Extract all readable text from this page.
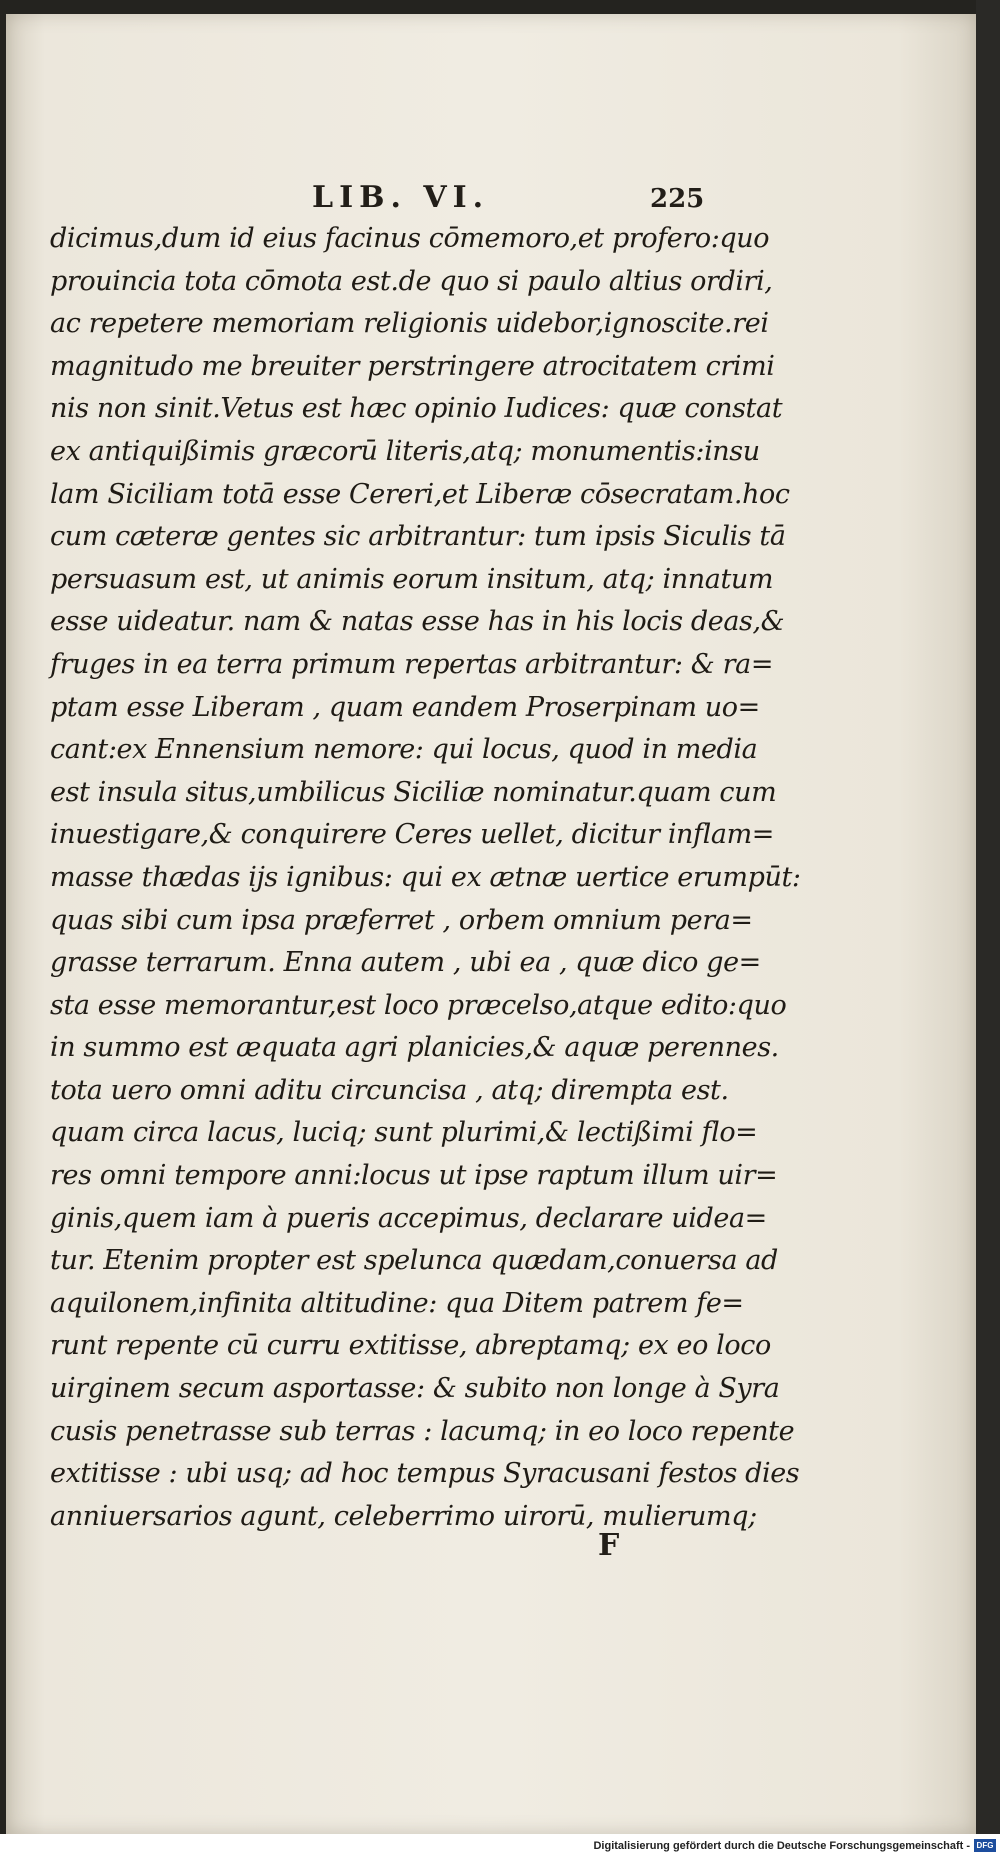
LIB. VI.	225
dicimus,dum id eius facinus cōmemoro,et profero:quo
prouincia tota cōmota est.de quo si paulo altius ordiri,
ac repetere memoriam religionis uidebor,ignoscite.rei
magnitudo me breuiter perstringere atrocitatem crimi
nis non sinit.Vetus est hæc opinio Iudices: quæ constat
ex antiquißimis græcorū literis,atq; monumentis:insu
lam Siciliam totā esse Cereri,et Liberæ cōsecratam.hoc
cum cæteræ gentes sic arbitrantur: tum ipsis Siculis tā
persuasum est, ut animis eorum insitum, atq; innatum
esse uideatur. nam & natas esse has in his locis deas,&
fruges in ea terra primum repertas arbitrantur: & ra=
ptam esse Liberam , quam eandem Proserpinam uo=
cant:ex Ennensium nemore: qui locus, quod in media
est insula situs,umbilicus Siciliæ nominatur.quam cum
inuestigare,& conquirere Ceres uellet, dicitur inflam=
masse thædas ijs ignibus: qui ex ætnæ uertice erumpūt:
quas sibi cum ipsa præferret , orbem omnium pera=
grasse terrarum. Enna autem , ubi ea , quæ dico ge=
sta esse memorantur,est loco præcelso,atque edito:quo
in summo est æquata agri planicies,& aquæ perennes.
tota uero omni aditu circuncisa , atq; dirempta est.
quam circa lacus, luciq; sunt plurimi,& lectißimi flo=
res omni tempore anni:locus ut ipse raptum illum uir=
ginis,quem iam à pueris accepimus, declarare uidea=
tur. Etenim propter est spelunca quædam,conuersa ad
aquilonem,infinita altitudine: qua Ditem patrem fe=
runt repente cū curru extitisse, abreptamq; ex eo loco
uirginem secum asportasse: & subito non longe à Syra
cusis penetrasse sub terras : lacumq; in eo loco repente
extitisse : ubi usq; ad hoc tempus Syracusani festos dies
anniuersarios agunt, celeberrimo uirorū, mulierumq;
F
Digitalisierung gefördert durch die Deutsche Forschungsgemeinschaft - DFG
